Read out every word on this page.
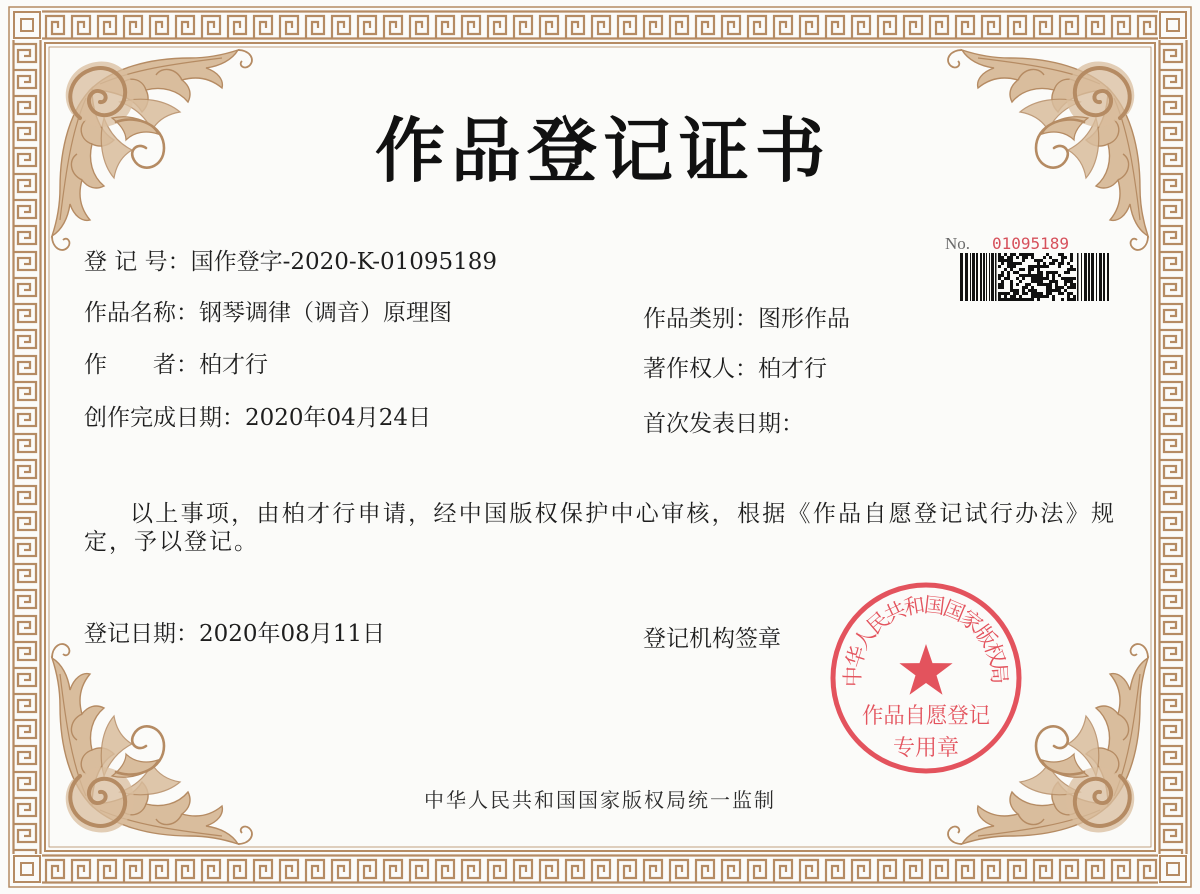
作品登记证书
No. 01095189
登 记 号：国作登字-2020-K-01095189
作品名称：钢琴调律（调音）原理图
作　　者：柏才行
创作完成日期：2020年04月24日
作品类别：图形作品
著作权人：柏才行
首次发表日期：

以上事项，由柏才行申请，经中国版权保护中心审核，根据《作品自愿登记试行办法》规定，予以登记。

登记日期：2020年08月11日	登记机构签章
中华人民共和国国家版权局
作品自愿登记
专用章
中华人民共和国国家版权局统一监制
